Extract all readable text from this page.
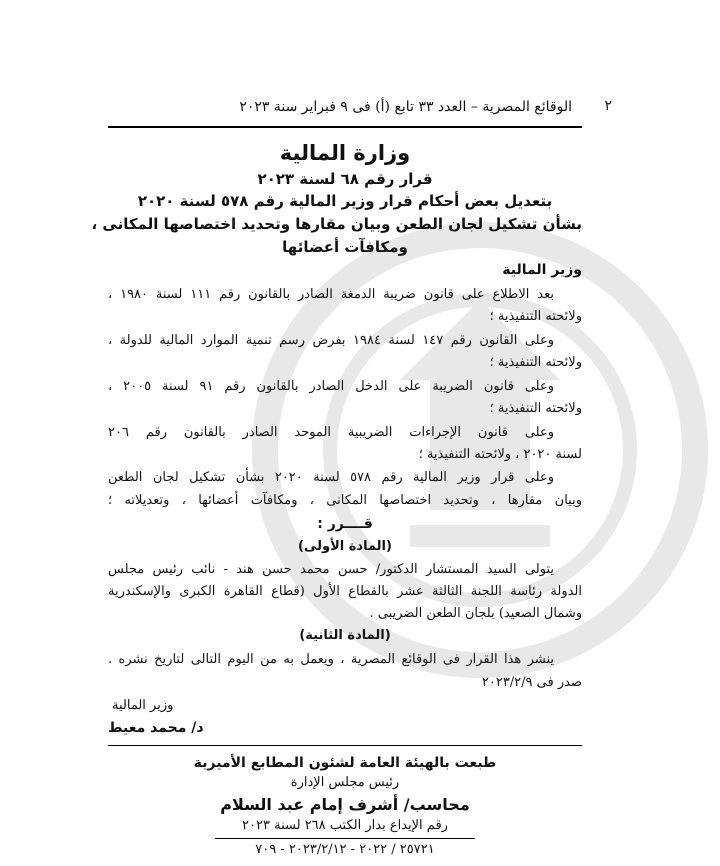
٢
الوقائع المصرية – العدد ٣٣ تابع (أ) فى ٩ فبراير سنة ٢٠٢٣
وزارة المالية
قرار رقم ٦٨ لسنة ٢٠٢٣
بتعديل بعض أحكام قرار وزير المالية رقم ٥٧٨ لسنة ٢٠٢٠
بشأن تشكيل لجان الطعن وبيان مقارها وتحديد اختصاصها المكانى ،
ومكافآت أعضائها
وزير المالية
بعد الاطلاع على قانون ضريبة الدمغة الصادر بالقانون رقم ١١١ لسنة ١٩٨٠ ،
ولائحته التنفيذية ؛
وعلى القانون رقم ١٤٧ لسنة ١٩٨٤ بفرض رسم تنمية الموارد المالية للدولة ،
ولائحته التنفيذية ؛
وعلى قانون الضريبة على الدخل الصادر بالقانون رقم ٩١ لسنة ٢٠٠٥ ،
ولائحته التنفيذية ؛
وعلى قانون الإجراءات الضريبية الموحد الصادر بالقانون رقم ٢٠٦
لسنة ٢٠٢٠ ، ولائحته التنفيذية ؛
وعلى قرار وزير المالية رقم ٥٧٨ لسنة ٢٠٢٠ بشأن تشكيل لجان الطعن
وبيان مقارها ، وتحديد اختصاصها المكانى ، ومكافآت أعضائها ، وتعديلاته ؛
قــــرر :
(المادة الأولى)
يتولى السيد المستشار الدكتور/ حسن محمد حسن هند - نائب رئيس مجلس
الدولة رئاسة اللجنة الثالثة عشر بالقطاع الأول (قطاع القاهرة الكبرى والإسكندرية
وشمال الصعيد) بلجان الطعن الضريبى .
(المادة الثانية)
ينشر هذا القرار فى الوقائع المصرية ، ويعمل به من اليوم التالى لتاريخ نشره .
صدر فى ٢٠٢٣/٢/٩
وزير المالية
د/ محمد معيط
طبعت بالهيئة العامة لشئون المطابع الأميرية
رئيس مجلس الإدارة
محاسب/ أشرف إمام عبد السلام
رقم الإيداع بدار الكتب ٢٦٨ لسنة ٢٠٢٣
٢٥٧٢١ / ٢٠٢٢ - ٢٠٢٣/٢/١٢ - ٧٠٩
